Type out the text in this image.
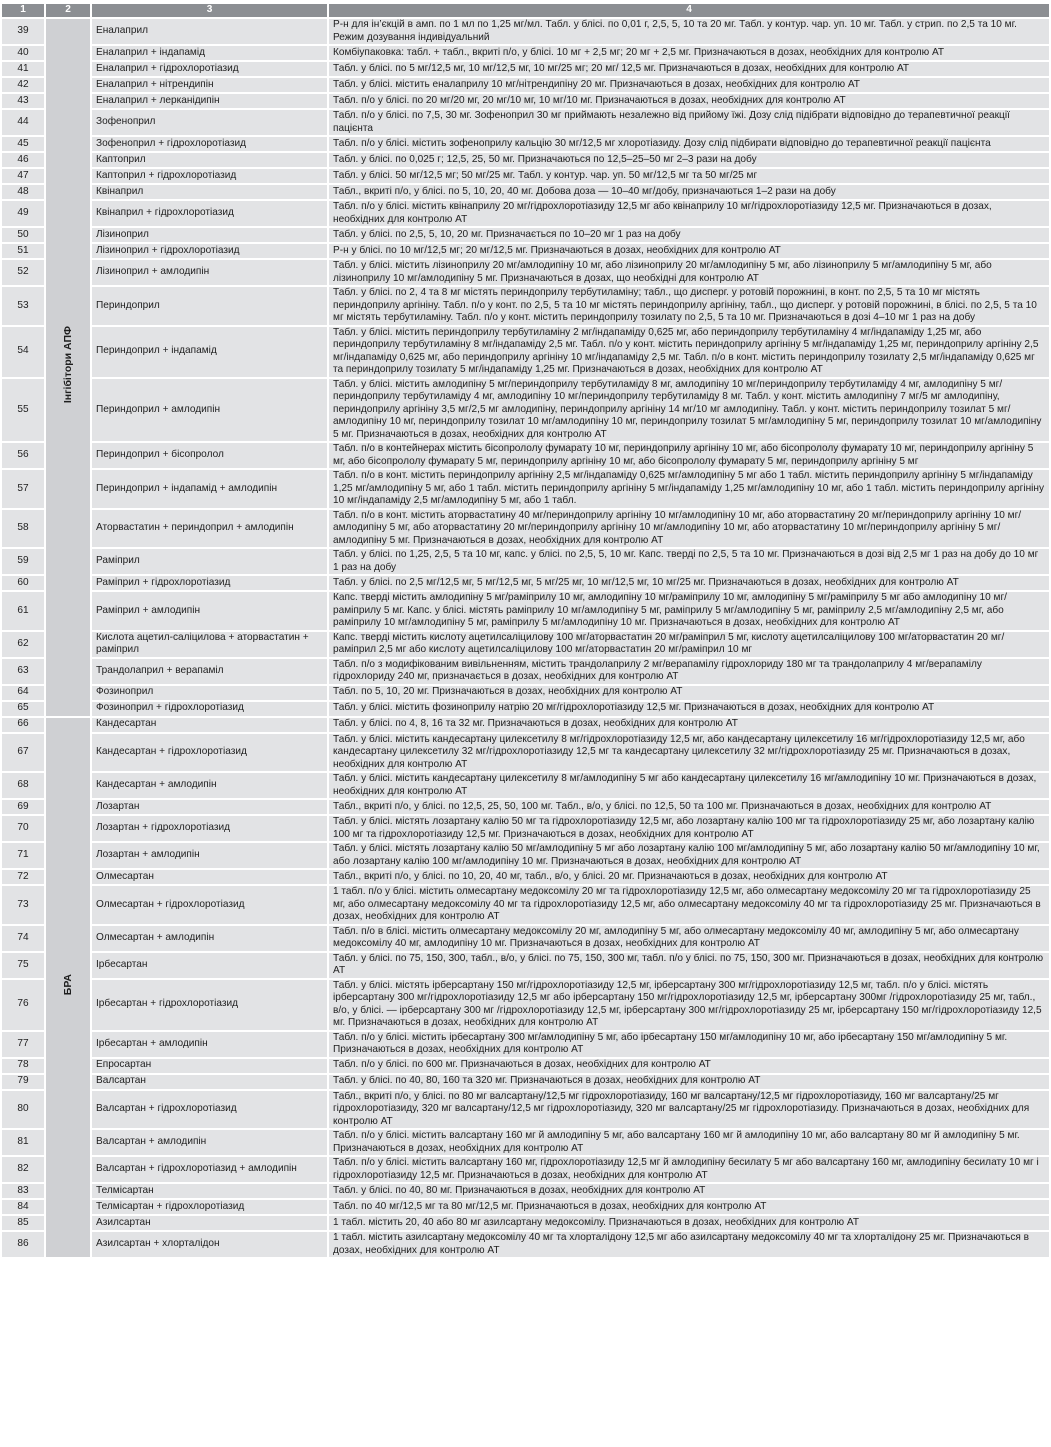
1	2	3	4
39	Інгібітори АПФ	Еналаприл	Р-н для ін’єкцій в амп. по 1 мл по 1,25 мг/мл. Табл. у блісі. по 0,01 г, 2,5, 5, 10 та 20 мг. Табл. у контур. чар. уп. 10 мг. Табл. у стрип. по 2,5 та 10 мг. Режим дозування індивідуальний
40		Еналаприл + індапамід	Комбіупаковка: табл. + табл., вкриті п/о, у блісі. 10 мг + 2,5 мг; 20 мг + 2,5 мг. Призначаються в дозах, необхідних для контролю АТ
41		Еналаприл + гідрохлоротіазид	Табл. у блісі. по 5 мг/12,5 мг, 10 мг/12,5 мг, 10 мг/25 мг; 20 мг/ 12,5 мг. Призначаються в дозах, необхідних для контролю АТ
42		Еналаприл + нітрендипін	Табл. у блісі. містить еналаприлу 10 мг/нітрендипіну 20 мг. Призначаються в дозах, необхідних для контролю АТ
43		Еналаприл + лерканідипін	Табл. п/о у блісі. по 20 мг/20 мг, 20 мг/10 мг, 10 мг/10 мг. Призначаються в дозах, необхідних для контролю АТ
44		Зофеноприл	Табл. п/о у блісі. по 7,5, 30 мг. Зофеноприл 30 мг приймають незалежно від прийому їжі. Дозу слід підібрати відповідно до терапевтичної реакції пацієнта
45		Зофеноприл + гідрохлоротіазид	Табл. п/о у блісі. містить зофеноприлу кальцію 30 мг/12,5 мг хлоротіазиду. Дозу слід підбирати відповідно до терапевтичної реакції пацієнта
46		Каптоприл	Табл. у блісі. по 0,025 г; 12,5, 25, 50 мг. Призначаються по 12,5–25–50 мг 2–3 рази на добу
47		Каптоприл + гідрохлоротіазид	Табл. у блісі. 50 мг/12,5 мг; 50 мг/25 мг. Табл. у контур. чар. уп. 50 мг/12,5 мг та 50 мг/25 мг
48		Квінаприл	Табл., вкриті п/о, у блісі. по 5, 10, 20, 40 мг. Добова доза — 10–40 мг/добу, призначаються 1–2 рази на добу
49		Квінаприл + гідрохлоротіазид	Табл. п/о у блісі. містить квінаприлу 20 мг/гідрохлоротіазиду 12,5 мг або квінаприлу 10 мг/гідрохлоротіазиду 12,5 мг. Призначаються в дозах, необхідних для контролю АТ
50		Лізиноприл	Табл. у блісі. по 2,5, 5, 10, 20 мг. Призначається по 10–20 мг 1 раз на добу
51		Лізиноприл + гідрохлоротіазид	Р-н у блісі. по 10 мг/12,5 мг; 20 мг/12,5 мг. Призначаються в дозах, необхідних для контролю АТ
52		Лізиноприл + амлодипін	Табл. у блісі. містить лізиноприлу 20 мг/амлодипіну 10 мг, або лізиноприлу 20 мг/амлодипіну 5 мг, або лізиноприлу 5 мг/амлодипіну 5 мг, або лізиноприлу 10 мг/амлодипіну 5 мг. Призначаються в дозах, що необхідні для контролю АТ
53		Периндоприл	Табл. у блісі. по 2, 4 та 8 мг містять периндоприлу тербутиламіну; табл., що дисперг. у ротовій порожнині, в конт. по 2,5, 5 та 10 мг містять периндоприлу аргініну. Табл. п/о у конт. по 2,5, 5 та 10 мг містять периндоприлу аргініну, табл., що дисперг. у ротовій порожнині, в блісі. по 2,5, 5 та 10 мг містять тербутиламіну. Табл. п/о у конт. містить периндоприлу тозилату по 2,5, 5 та 10 мг. Призначаються в дозі 4–10 мг 1 раз на добу
54		Периндоприл + індапамід	Табл. у блісі. містить периндоприлу тербутиламіну 2 мг/індапаміду 0,625 мг, або периндоприлу тербутиламіну 4 мг/індапаміду 1,25 мг, або периндоприлу тербутиламіну 8 мг/індапаміду 2,5 мг. Табл. п/о у конт. містить периндоприлу аргініну 5 мг/індапаміду 1,25 мг, периндоприлу аргініну 2,5 мг/індапаміду 0,625 мг, або периндоприлу аргініну 10 мг/індапаміду 2,5 мг. Табл. п/о в конт. містить периндоприлу тозилату 2,5 мг/індапаміду 0,625 мг та периндоприлу тозилату 5 мг/індапаміду 1,25 мг. Призначаються в дозах, необхідних для контролю АТ
55		Периндоприл + амлодипін	Табл. у блісі. містить амлодипіну 5 мг/периндоприлу тербутиламіду 8 мг, амлодипіну 10 мг/периндоприлу тербутиламіду 4 мг, амлодипіну 5 мг/периндоприлу тербутиламіду 4 мг, амлодипіну 10 мг/периндоприлу тербутиламіду 8 мг. Табл. у конт. містить амлодипіну 7 мг/5 мг амлодипіну, периндоприлу аргініну 3,5 мг/2,5 мг амлодипіну, периндоприлу аргініну 14 мг/10 мг амлодипіну. Табл. у конт. містить периндоприлу тозилат 5 мг/амлодипіну 10 мг, периндоприлу тозилат 10 мг/амлодипіну 10 мг, периндоприлу тозилат 5 мг/амлодипіну 5 мг, периндоприлу тозилат 10 мг/амлодипіну 5 мг. Призначаються в дозах, необхідних для контролю АТ
56		Периндоприл + бісопролол	Табл. п/о в контейнерах містить бісопрололу фумарату 10 мг, периндоприлу аргініну 10 мг, або бісопрололу фумарату 10 мг, периндоприлу аргініну 5 мг, або бісопрололу фумарату 5 мг, периндоприлу аргініну 10 мг, або бісопрололу фумарату 5 мг, периндоприлу аргініну 5 мг
57		Периндоприл + індапамід + амлодипін	Табл. п/о в конт. містить периндоприлу аргініну 2,5 мг/індапаміду 0,625 мг/амлодипіну 5 мг або 1 табл. містить периндоприлу аргініну 5 мг/індапаміду 1,25 мг/амлодипіну 5 мг, або 1 табл. містить периндоприлу аргініну 5 мг/індапаміду 1,25 мг/амлодипіну 10 мг, або 1 табл. містить периндоприлу аргініну 10 мг/індапаміду 2,5 мг/амлодипіну 5 мг, або 1 табл.
58		Аторвастатин + периндоприл + амлодипін	Табл. п/о в конт. містить аторвастатину 40 мг/периндоприлу аргініну 10 мг/амлодипіну 10 мг, або аторвастатину 20 мг/периндоприлу аргініну 10 мг/амлодипіну 5 мг, або аторвастатину 20 мг/периндоприлу аргініну 10 мг/амлодипіну 10 мг, або аторвастатину 10 мг/периндоприлу аргініну 5 мг/амлодипіну 5 мг. Призначаються в дозах, необхідних для контролю АТ
59		Раміприл	Табл. у блісі. по 1,25, 2,5, 5 та 10 мг, капс. у блісі. по 2,5, 5, 10 мг. Капс. тверді по 2,5, 5 та 10 мг. Призначаються в дозі від 2,5 мг 1 раз на добу до 10 мг 1 раз на добу
60		Раміприл + гідрохлоротіазид	Табл. у блісі. по 2,5 мг/12,5 мг, 5 мг/12,5 мг, 5 мг/25 мг, 10 мг/12,5 мг, 10 мг/25 мг. Призначаються в дозах, необхідних для контролю АТ
61		Раміприл + амлодипін	Капс. тверді містить амлодипіну 5 мг/раміприлу 10 мг, амлодипіну 10 мг/раміприлу 10 мг, амлодипіну 5 мг/раміприлу 5 мг або амлодипіну 10 мг/раміприлу 5 мг. Капс. у блісі. містять раміприлу 10 мг/амлодипіну 5 мг, раміприлу 5 мг/амлодипіну 5 мг, раміприлу 2,5 мг/амлодипіну 2,5 мг, або раміприлу 10 мг/амлодипіну 5 мг, раміприлу 5 мг/амлодипіну 10 мг. Призначаються в дозах, необхідних для контролю АТ
62		Кислота ацетил-саліцилова + аторвастатин + раміприл	Капс. тверді містить кислоту ацетилсаліцилову 100 мг/аторвастатин 20 мг/раміприл 5 мг, кислоту ацетилсаліцилову 100 мг/аторвастатин 20 мг/раміприл 2,5 мг або кислоту ацетилсаліцилову 100 мг/аторвастатин 20 мг/раміприл 10 мг
63		Трандолаприл + верапаміл	Табл. п/о з модифікованим вивільненням, містить трандолаприлу 2 мг/верапамілу гідрохлориду 180 мг та трандолаприлу 4 мг/верапамілу гідрохлориду 240 мг, призначається в дозах, необхідних для контролю АТ
64		Фозиноприл	Табл. по 5, 10, 20 мг. Призначаються в дозах, необхідних для контролю АТ
65		Фозиноприл + гідрохлоротіазид	Табл. у блісі. містить фозиноприлу натрію 20 мг/гідрохлоротіазиду 12,5 мг. Призначаються в дозах, необхідних для контролю АТ
66	БРА	Кандесартан	Табл. у блісі. по 4, 8, 16 та 32 мг. Призначаються в дозах, необхідних для контролю АТ
67		Кандесартан + гідрохлоротіазид	Табл. у блісі. містить кандесартану цилексетилу 8 мг/гідрохлоротіазиду 12,5 мг, або кандесартану цилексетилу 16 мг/гідрохлоротіазиду 12,5 мг, або кандесартану цилексетилу 32 мг/гідрохлоротіазиду 12,5 мг та кандесартану цилексетилу 32 мг/гідрохлоротіазиду 25 мг. Призначаються в дозах, необхідних для контролю АТ
68		Кандесартан + амлодипін	Табл. у блісі. містить кандесартану цилексетилу 8 мг/амлодипіну 5 мг або кандесартану цилексетилу 16 мг/амлодипіну 10 мг. Призначаються в дозах, необхідних для контролю АТ
69		Лозартан	Табл., вкриті п/о, у блісі. по 12,5, 25, 50, 100 мг. Табл., в/о, у блісі. по 12,5, 50 та 100 мг. Призначаються в дозах, необхідних для контролю АТ
70		Лозартан + гідрохлоротіазид	Табл. у блісі. містять лозартану калію 50 мг та гідрохлоротіазиду 12,5 мг, або лозартану калію 100 мг та гідрохлоротіазиду 25 мг, або лозартану калію 100 мг та гідрохлоротіазиду 12,5 мг. Призначаються в дозах, необхідних для контролю АТ
71		Лозартан + амлодипін	Табл. у блісі. містять лозартану калію 50 мг/амлодипіну 5 мг або лозартану калію 100 мг/амлодипіну 5 мг, або лозартану калію 50 мг/амлодипіну 10 мг, або лозартану калію 100 мг/амлодипіну 10 мг. Призначаються в дозах, необхідних для контролю АТ
72		Олмесартан	Табл., вкриті п/о, у блісі. по 10, 20, 40 мг, табл., в/о, у блісі. 20 мг. Призначаються в дозах, необхідних для контролю АТ
73		Олмесартан + гідрохлоротіазид	1 табл. п/о у блісі. містить олмесартану медоксомілу 20 мг та гідрохлоротіазиду 12,5 мг, або олмесартану медоксомілу 20 мг та гідрохлоротіазиду 25 мг, або олмесартану медоксомілу 40 мг та гідрохлоротіазиду 12,5 мг, або олмесартану медоксомілу 40 мг та гідрохлоротіазиду 25 мг. Призначаються в дозах, необхідних для контролю АТ
74		Олмесартан + амлодипін	Табл. п/о в блісі. містить олмесартану медоксомілу 20 мг, амлодипіну 5 мг, або олмесартану медоксомілу 40 мг, амлодипіну 5 мг, або олмесартану медоксомілу 40 мг, амлодипіну 10 мг. Призначаються в дозах, необхідних для контролю АТ
75		Ірбесартан	Табл. у блісі. по 75, 150, 300, табл., в/о, у блісі. по 75, 150, 300 мг, табл. п/о у блісі. по 75, 150, 300 мг. Призначаються в дозах, необхідних для контролю АТ
76		Ірбесартан + гідрохлоротіазид	Табл. у блісі. містять ірберсартану 150 мг/гідрохлоротіазиду 12,5 мг, ірберсартану 300 мг/гідрохлоротіазиду 12,5 мг, табл. п/о у блісі. містять ірберсартану 300 мг/гідрохлоротіазиду 12,5 мг або ірберсартану 150 мг/гідрохлоротіазиду 12,5 мг, ірберсартану 300мг /гідрохлоротіазиду 25 мг, табл., в/о, у блісі. — ірберсартану 300 мг /гідрохлоротіазиду 12,5 мг, ірберсартану 300 мг/гідрохлоротіазиду 25 мг, ірберсартану 150 мг/гідрохлоротіазиду 12,5 мг. Призначаються в дозах, необхідних для контролю АТ
77		Ірбесартан + амлодипін	Табл. п/о у блісі. містить ірбесартану 300 мг/амлодипіну 5 мг, або ірбесартану 150 мг/амлодипіну 10 мг, або ірбесартану 150 мг/амлодипіну 5 мг. Призначаються в дозах, необхідних для контролю АТ
78		Епросартан	Табл. п/о у блісі. по 600 мг. Призначаються в дозах, необхідних для контролю АТ
79		Валсартан	Табл. у блісі. по 40, 80, 160 та 320 мг. Призначаються в дозах, необхідних для контролю АТ
80		Валсартан + гідрохлоротіазид	Табл., вкриті п/о, у блісі. по 80 мг валсартану/12,5 мг гідрохлоротіазиду, 160 мг валсартану/12,5 мг гідрохлоротіазиду, 160 мг валсартану/25 мг гідрохлоротіазиду, 320 мг валсартану/12,5 мг гідрохлоротіазиду, 320 мг валсартану/25 мг гідрохлоротіазиду. Призначаються в дозах, необхідних для контролю АТ
81		Валсартан + амлодипін	Табл. п/о у блісі. містить валсартану 160 мг й амлодипіну 5 мг, або валсартану 160 мг й амлодипіну 10 мг, або валсартану 80 мг й амлодипіну 5 мг. Призначаються в дозах, необхідних для контролю АТ
82		Валсартан + гідрохлоротіазид + амлодипін	Табл. п/о у блісі. містить валсартану 160 мг, гідрохлоротіазиду 12,5 мг й амлодипіну бесилату 5 мг або валсартану 160 мг, амлодипіну бесилату 10 мг і гідрохлоротіазиду 12,5 мг. Призначаються в дозах, необхідних для контролю АТ
83		Телмісартан	Табл. у блісі. по 40, 80 мг. Призначаються в дозах, необхідних для контролю АТ
84		Телмісартан + гідрохлоротіазид	Табл. по 40 мг/12,5 мг та 80 мг/12,5 мг. Призначаються в дозах, необхідних для контролю АТ
85		Азилсартан	1 табл. містить 20, 40 або 80 мг азилсартану медоксомілу. Призначаються в дозах, необхідних для контролю АТ
86		Азилсартан + хлорталідон	1 табл. містить азилсартану медоксомілу 40 мг та хлорталідону 12,5 мг або азилсартану медоксомілу 40 мг та хлорталідону 25 мг. Призначаються в дозах, необхідних для контролю АТ
